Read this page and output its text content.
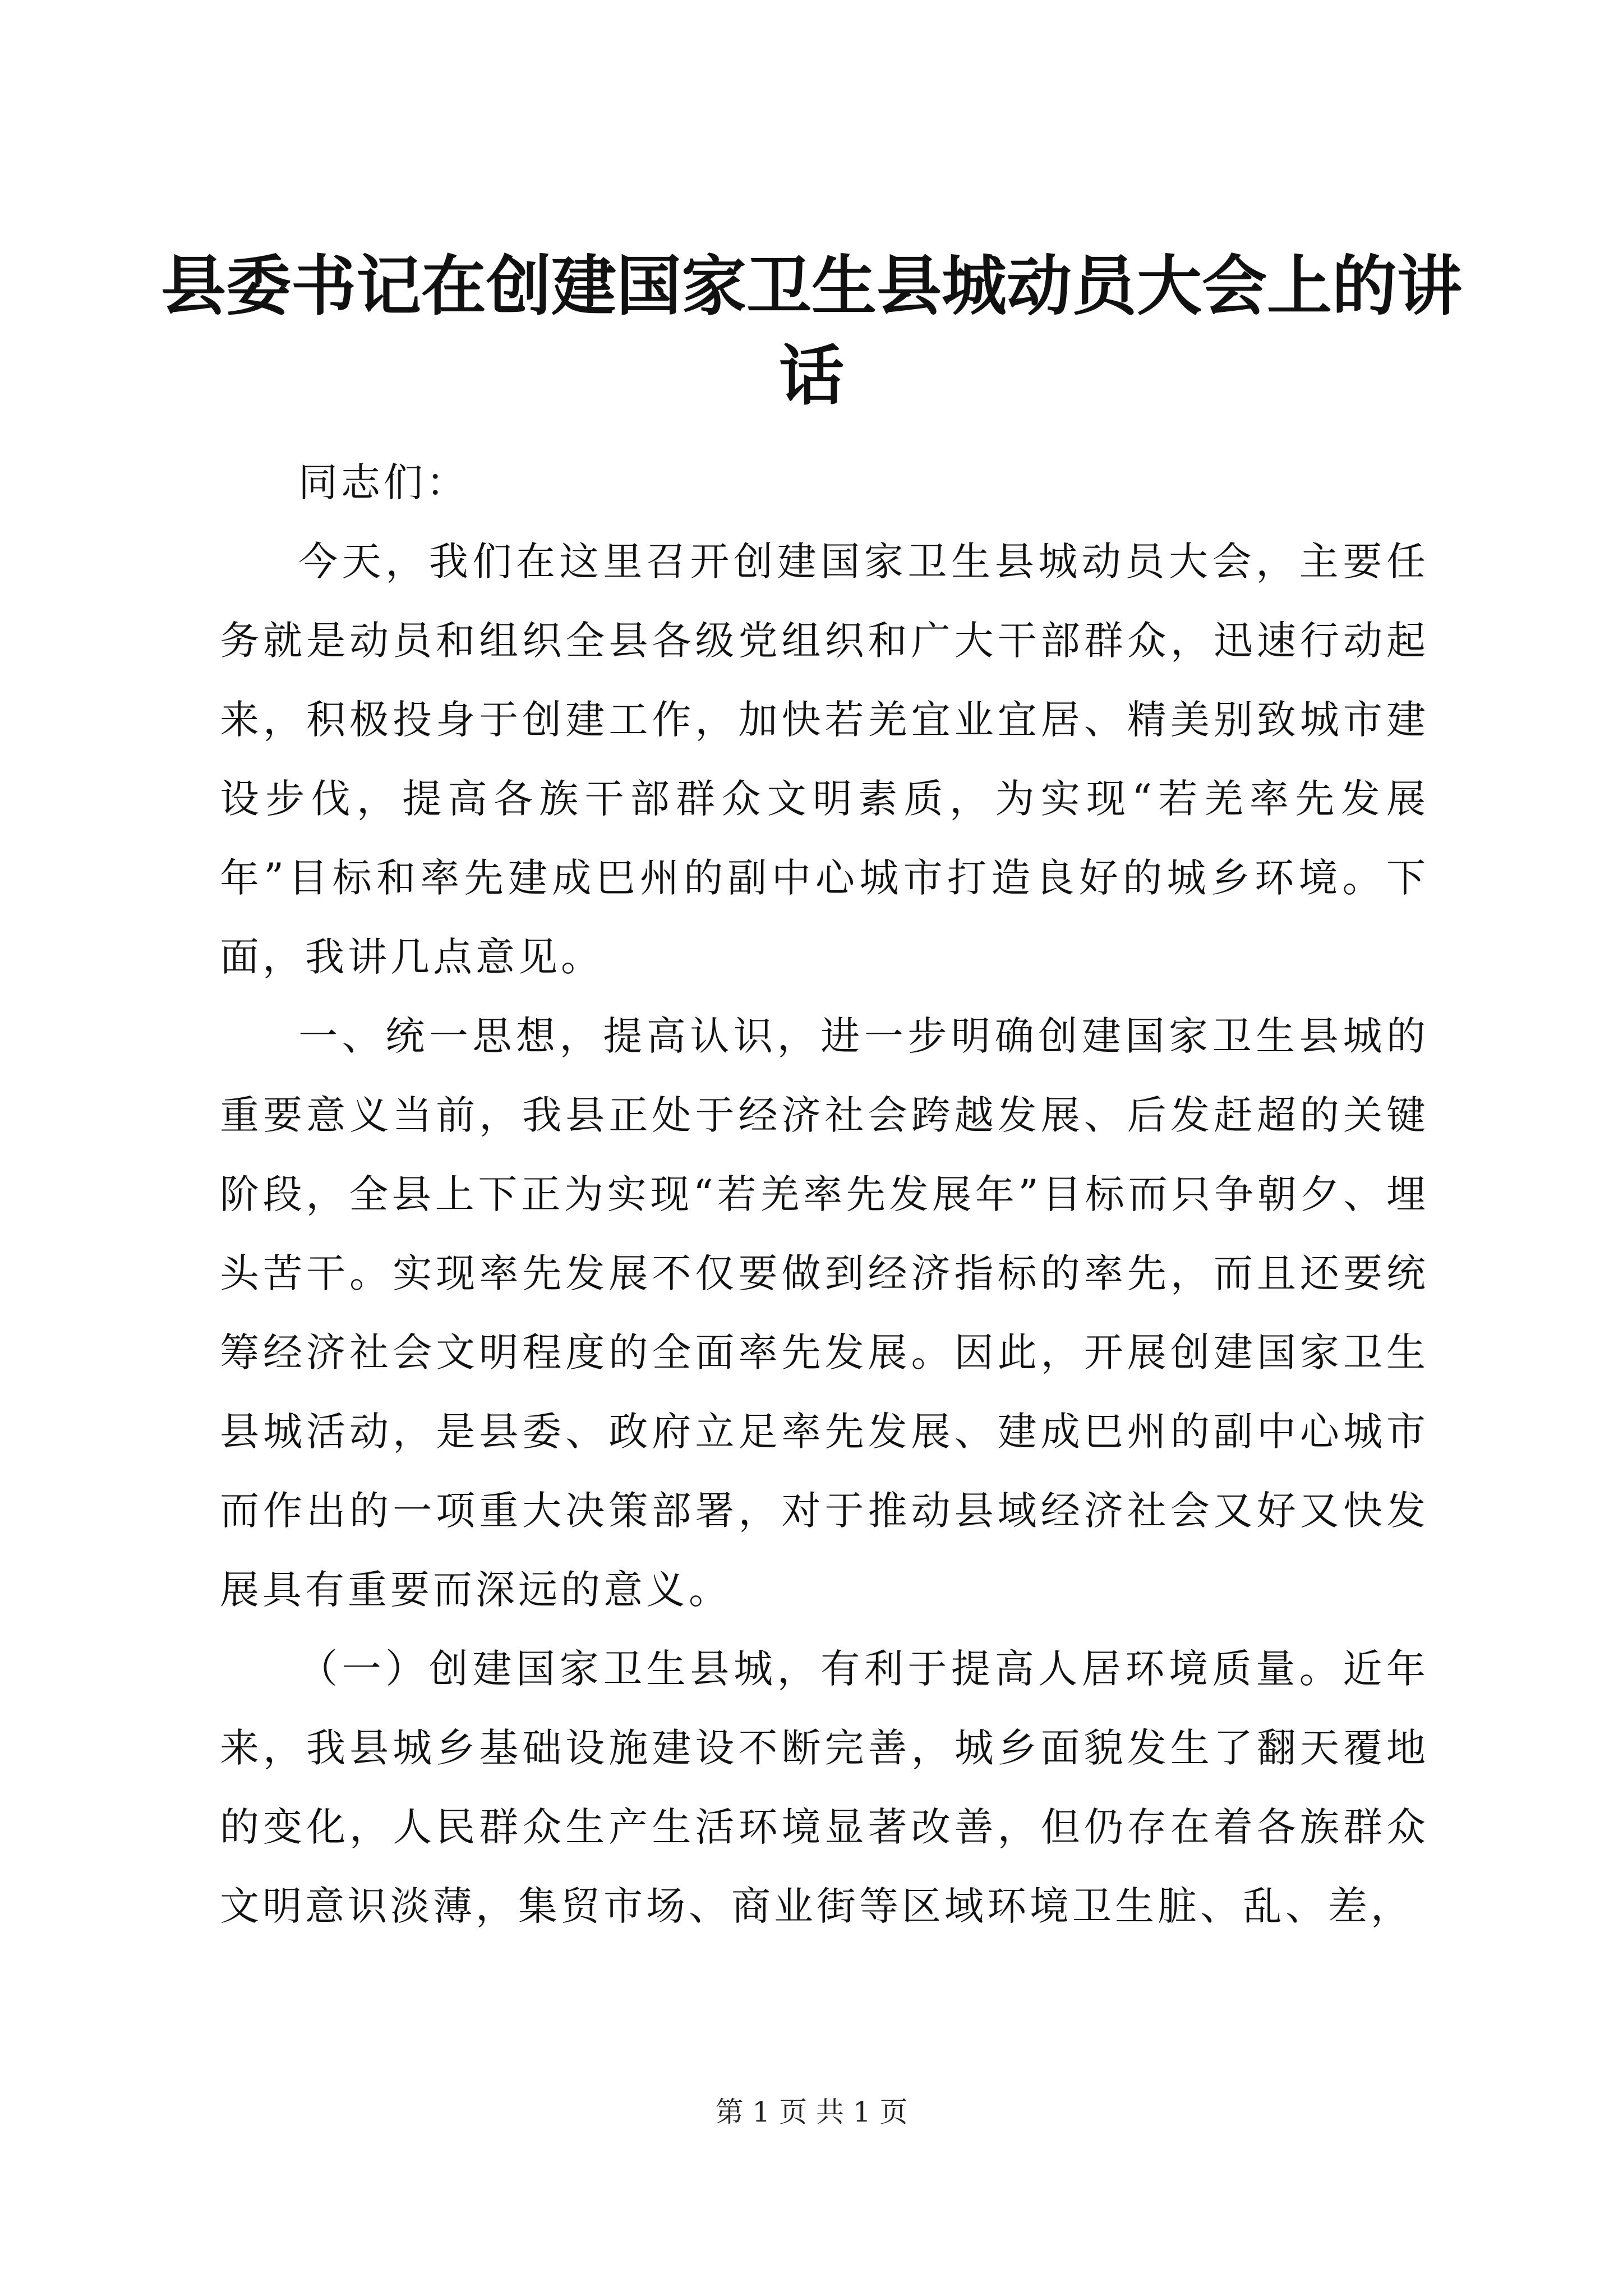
县委书记在创建国家卫生县城动员大会上的讲话

同志们：

今天，我们在这里召开创建国家卫生县城动员大会，主要任务就是动员和组织全县各级党组织和广大干部群众，迅速行动起来，积极投身于创建工作，加快若羌宜业宜居、精美别致城市建设步伐，提高各族干部群众文明素质，为实现“若羌率先发展年”目标和率先建成巴州的副中心城市打造良好的城乡环境。下面，我讲几点意见。

一、统一思想，提高认识，进一步明确创建国家卫生县城的重要意义当前，我县正处于经济社会跨越发展、后发赶超的关键阶段，全县上下正为实现“若羌率先发展年”目标而只争朝夕、埋头苦干。实现率先发展不仅要做到经济指标的率先，而且还要统筹经济社会文明程度的全面率先发展。因此，开展创建国家卫生县城活动，是县委、政府立足率先发展、建成巴州的副中心城市而作出的一项重大决策部署，对于推动县域经济社会又好又快发展具有重要而深远的意义。

（一）创建国家卫生县城，有利于提高人居环境质量。近年来，我县城乡基础设施建设不断完善，城乡面貌发生了翻天覆地的变化，人民群众生产生活环境显著改善，但仍存在着各族群众文明意识淡薄，集贸市场、商业街等区域环境卫生脏、乱、差，

第 1 页 共 1 页
